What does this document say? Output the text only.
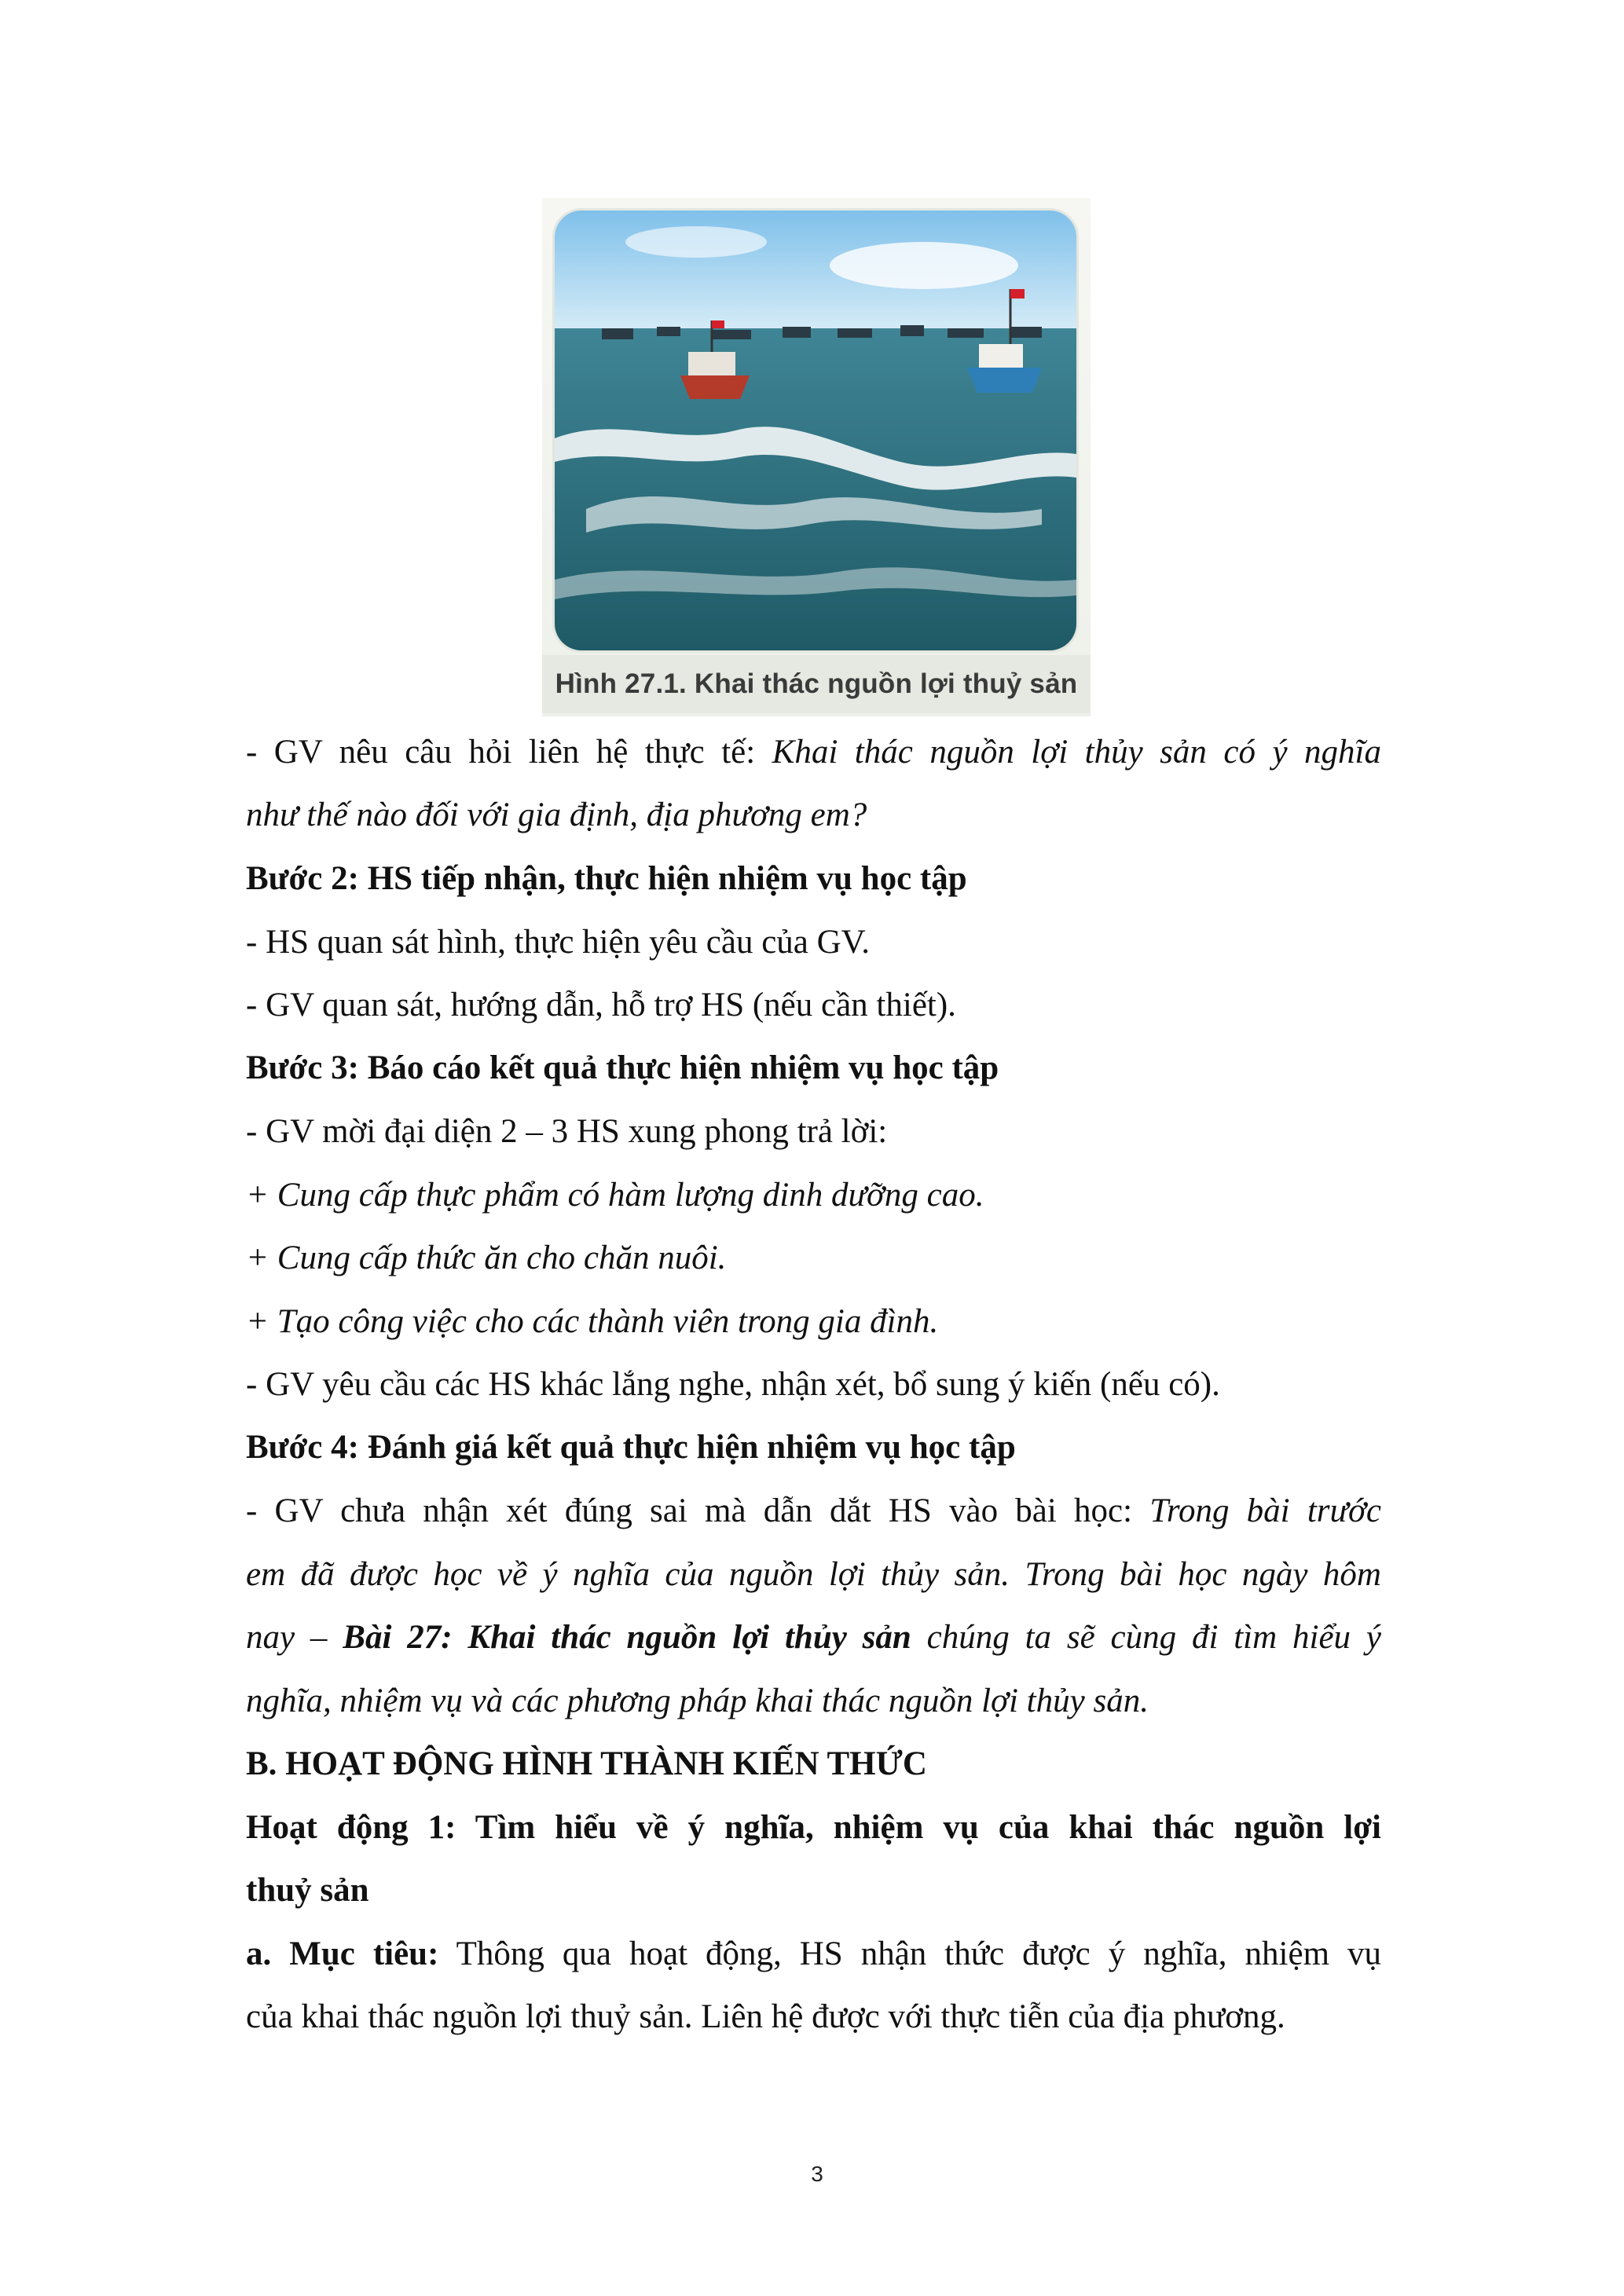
Hình 27.1. Khai thác nguồn lợi thuỷ sản
- GV nêu câu hỏi liên hệ thực tế: Khai thác nguồn lợi thủy sản có ý nghĩa
như thế nào đối với gia định, địa phương em?
Bước 2: HS tiếp nhận, thực hiện nhiệm vụ học tập
- HS quan sát hình, thực hiện yêu cầu của GV.
- GV quan sát, hướng dẫn, hỗ trợ HS (nếu cần thiết).
Bước 3: Báo cáo kết quả thực hiện nhiệm vụ học tập
- GV mời đại diện 2 – 3 HS xung phong trả lời:
+ Cung cấp thực phẩm có hàm lượng dinh dưỡng cao.
+ Cung cấp thức ăn cho chăn nuôi.
+ Tạo công việc cho các thành viên trong gia đình.
- GV yêu cầu các HS khác lắng nghe, nhận xét, bổ sung ý kiến (nếu có).
Bước 4: Đánh giá kết quả thực hiện nhiệm vụ học tập
- GV chưa nhận xét đúng sai mà dẫn dắt HS vào bài học: Trong bài trước
em đã được học về ý nghĩa của nguồn lợi thủy sản. Trong bài học ngày hôm
nay – Bài 27: Khai thác nguồn lợi thủy sản chúng ta sẽ cùng đi tìm hiểu ý
nghĩa, nhiệm vụ và các phương pháp khai thác nguồn lợi thủy sản.
B. HOẠT ĐỘNG HÌNH THÀNH KIẾN THỨC
Hoạt động 1: Tìm hiểu về ý nghĩa, nhiệm vụ của khai thác nguồn lợi
thuỷ sản
a. Mục tiêu: Thông qua hoạt động, HS nhận thức được ý nghĩa, nhiệm vụ
của khai thác nguồn lợi thuỷ sản. Liên hệ được với thực tiễn của địa phương.
3
